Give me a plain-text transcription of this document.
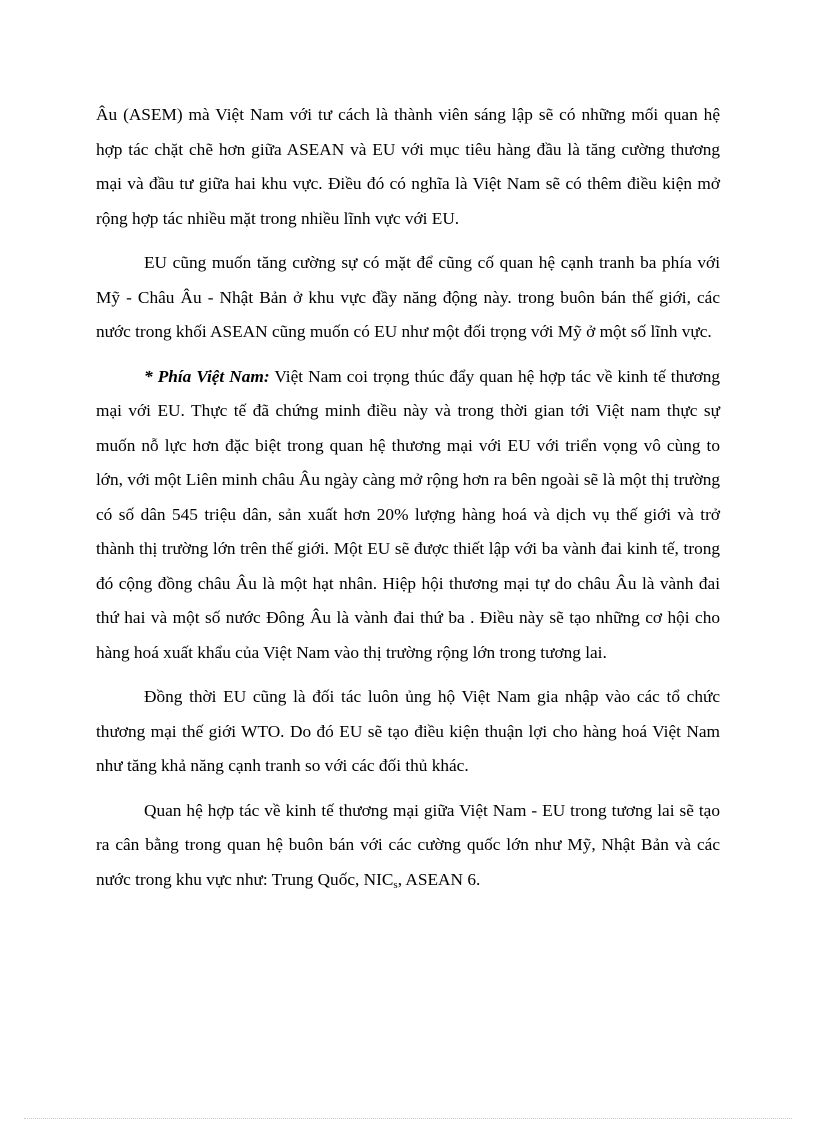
Âu (ASEM) mà Việt Nam với tư cách là thành viên sáng lập sẽ có những mối quan hệ hợp tác chặt chẽ hơn giữa ASEAN và EU với mục tiêu hàng đầu là tăng cường thương mại và đầu tư giữa hai khu vực. Điều đó có nghĩa là Việt Nam sẽ có thêm điều kiện mở rộng hợp tác nhiều mặt trong nhiều lĩnh vực với EU.

EU cũng muốn tăng cường sự có mặt để cũng cố quan hệ cạnh tranh ba phía với Mỹ - Châu Âu - Nhật Bản ở khu vực đầy năng động này. trong buôn bán thế giới, các nước trong khối ASEAN cũng muốn có EU như một đối trọng với Mỹ ở một số lĩnh vực.

* Phía Việt Nam: Việt Nam coi trọng thúc đẩy quan hệ hợp tác về kinh tế thương mại với EU. Thực tế đã chứng minh điều này và trong thời gian tới Việt nam thực sự muốn nỗ lực hơn đặc biệt trong quan hệ thương mại với EU với triển vọng vô cùng to lớn, với một Liên minh châu Âu ngày càng mở rộng hơn ra bên ngoài sẽ là một thị trường có số dân 545 triệu dân, sản xuất hơn 20% lượng hàng hoá và dịch vụ thế giới và trở thành thị trường lớn trên thế giới. Một EU sẽ được thiết lập với ba vành đai kinh tế, trong đó cộng đồng châu Âu là một hạt nhân. Hiệp hội thương mại tự do châu Âu là vành đai thứ hai và một số nước Đông Âu là vành đai thứ ba . Điều này sẽ tạo những cơ hội cho hàng hoá xuất khẩu của Việt Nam vào thị trường rộng lớn trong tương lai.

Đồng thời EU cũng là đối tác luôn ủng hộ Việt Nam gia nhập vào các tổ chức thương mại thế giới WTO. Do đó EU sẽ tạo điều kiện thuận lợi cho hàng hoá Việt Nam như tăng khả năng cạnh tranh so với các đối thủ khác.

Quan hệ hợp tác về kinh tế thương mại giữa Việt Nam - EU trong tương lai sẽ tạo ra cân bằng trong quan hệ buôn bán với các cường quốc lớn như Mỹ, Nhật Bản và các nước trong khu vực như: Trung Quốc, $NIC_s$, ASEAN 6.
